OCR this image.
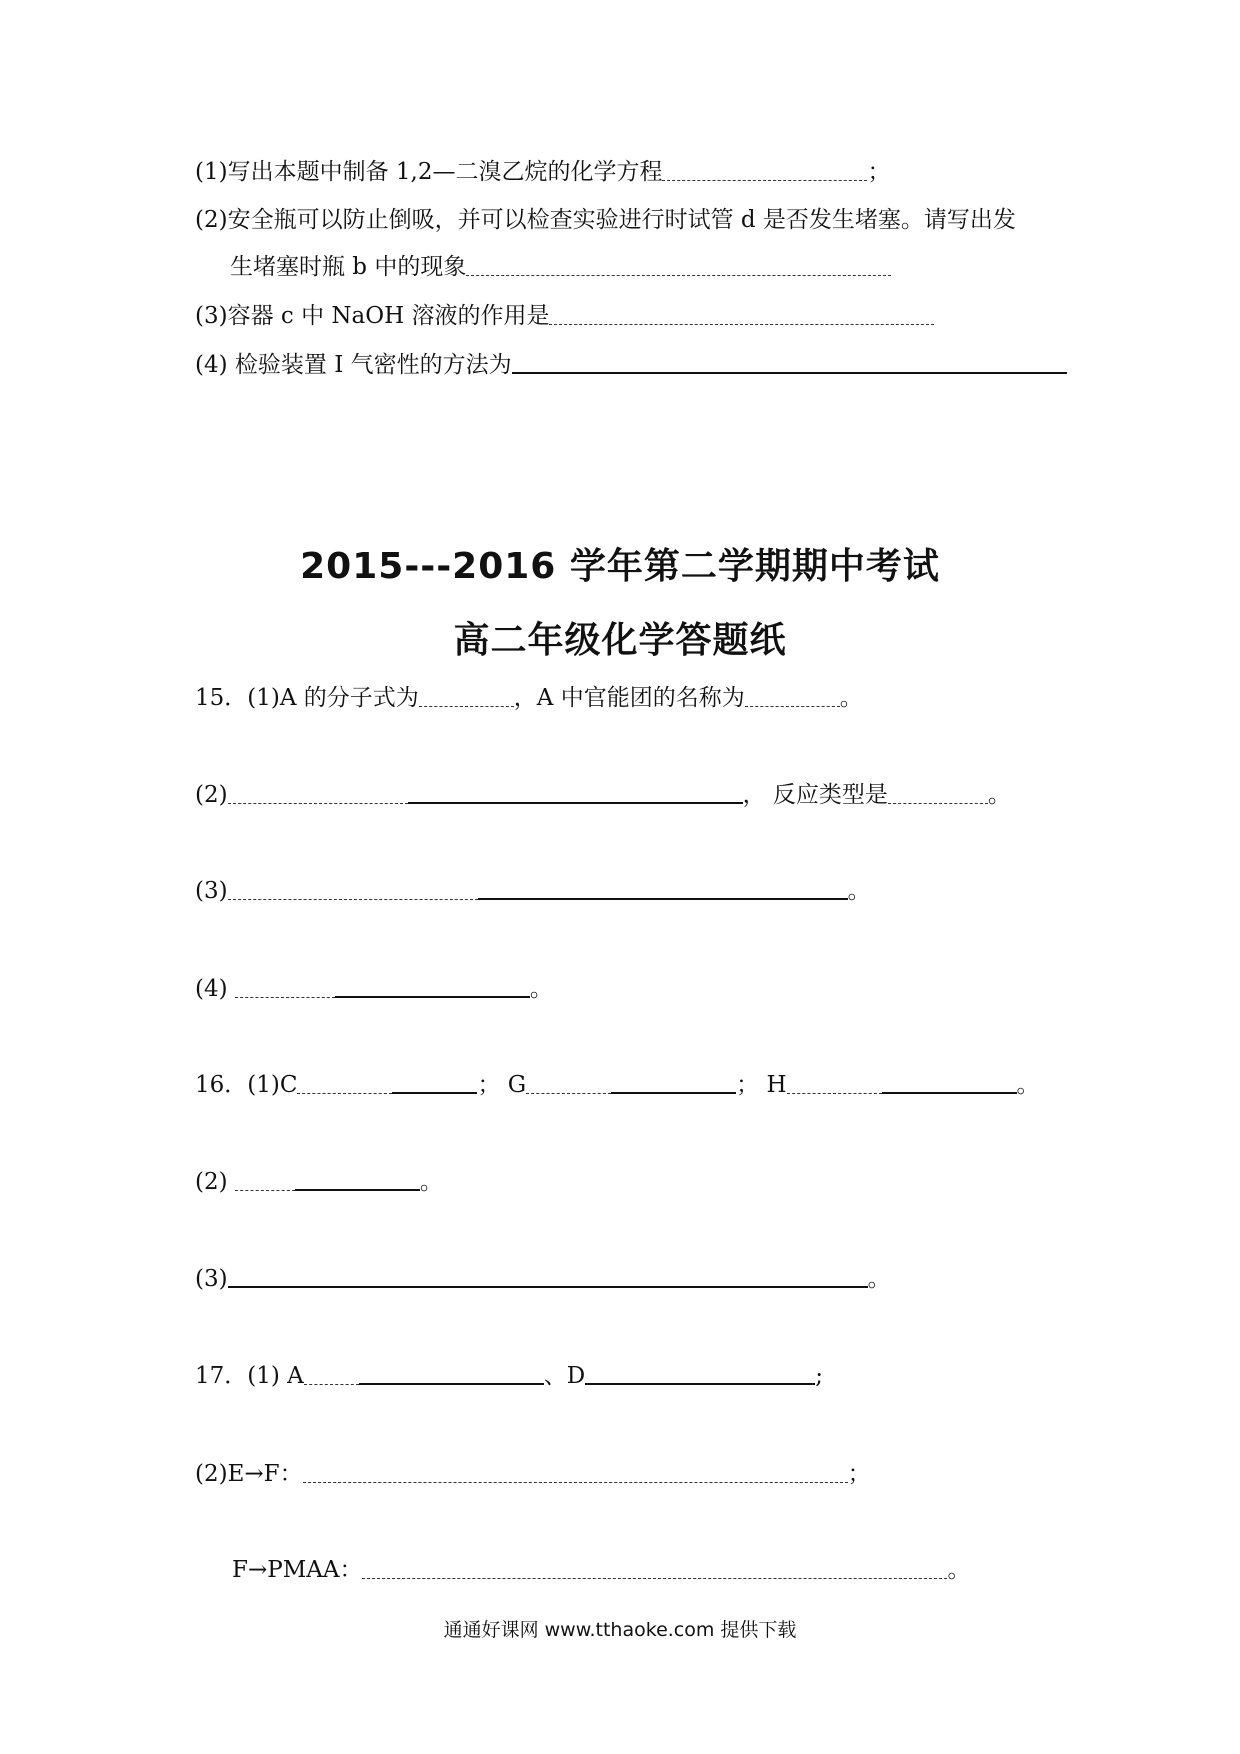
(1)写出本题中制备 1,2—二溴乙烷的化学方程	；
(2)安全瓶可以防止倒吸，并可以检查实验进行时试管 d 是否发生堵塞。请写出发
生堵塞时瓶 b 中的现象
(3)容器 c 中 NaOH 溶液的作用是
(4) 检验装置 I 气密性的方法为
2015---2016 学年第二学期期中考试
高二年级化学答题纸
15．(1)A 的分子式为	，A 中官能团的名称为	。
(2)	， 反应类型是	。
(3)	。
(4)	。
16．(1)C	； G	； H	。
(2)	。
(3)	。
17．(1) A	、D	;
(2)E→F：	；
F→PMAA：	。
通通好课网 www.tthaoke.com 提供下载
